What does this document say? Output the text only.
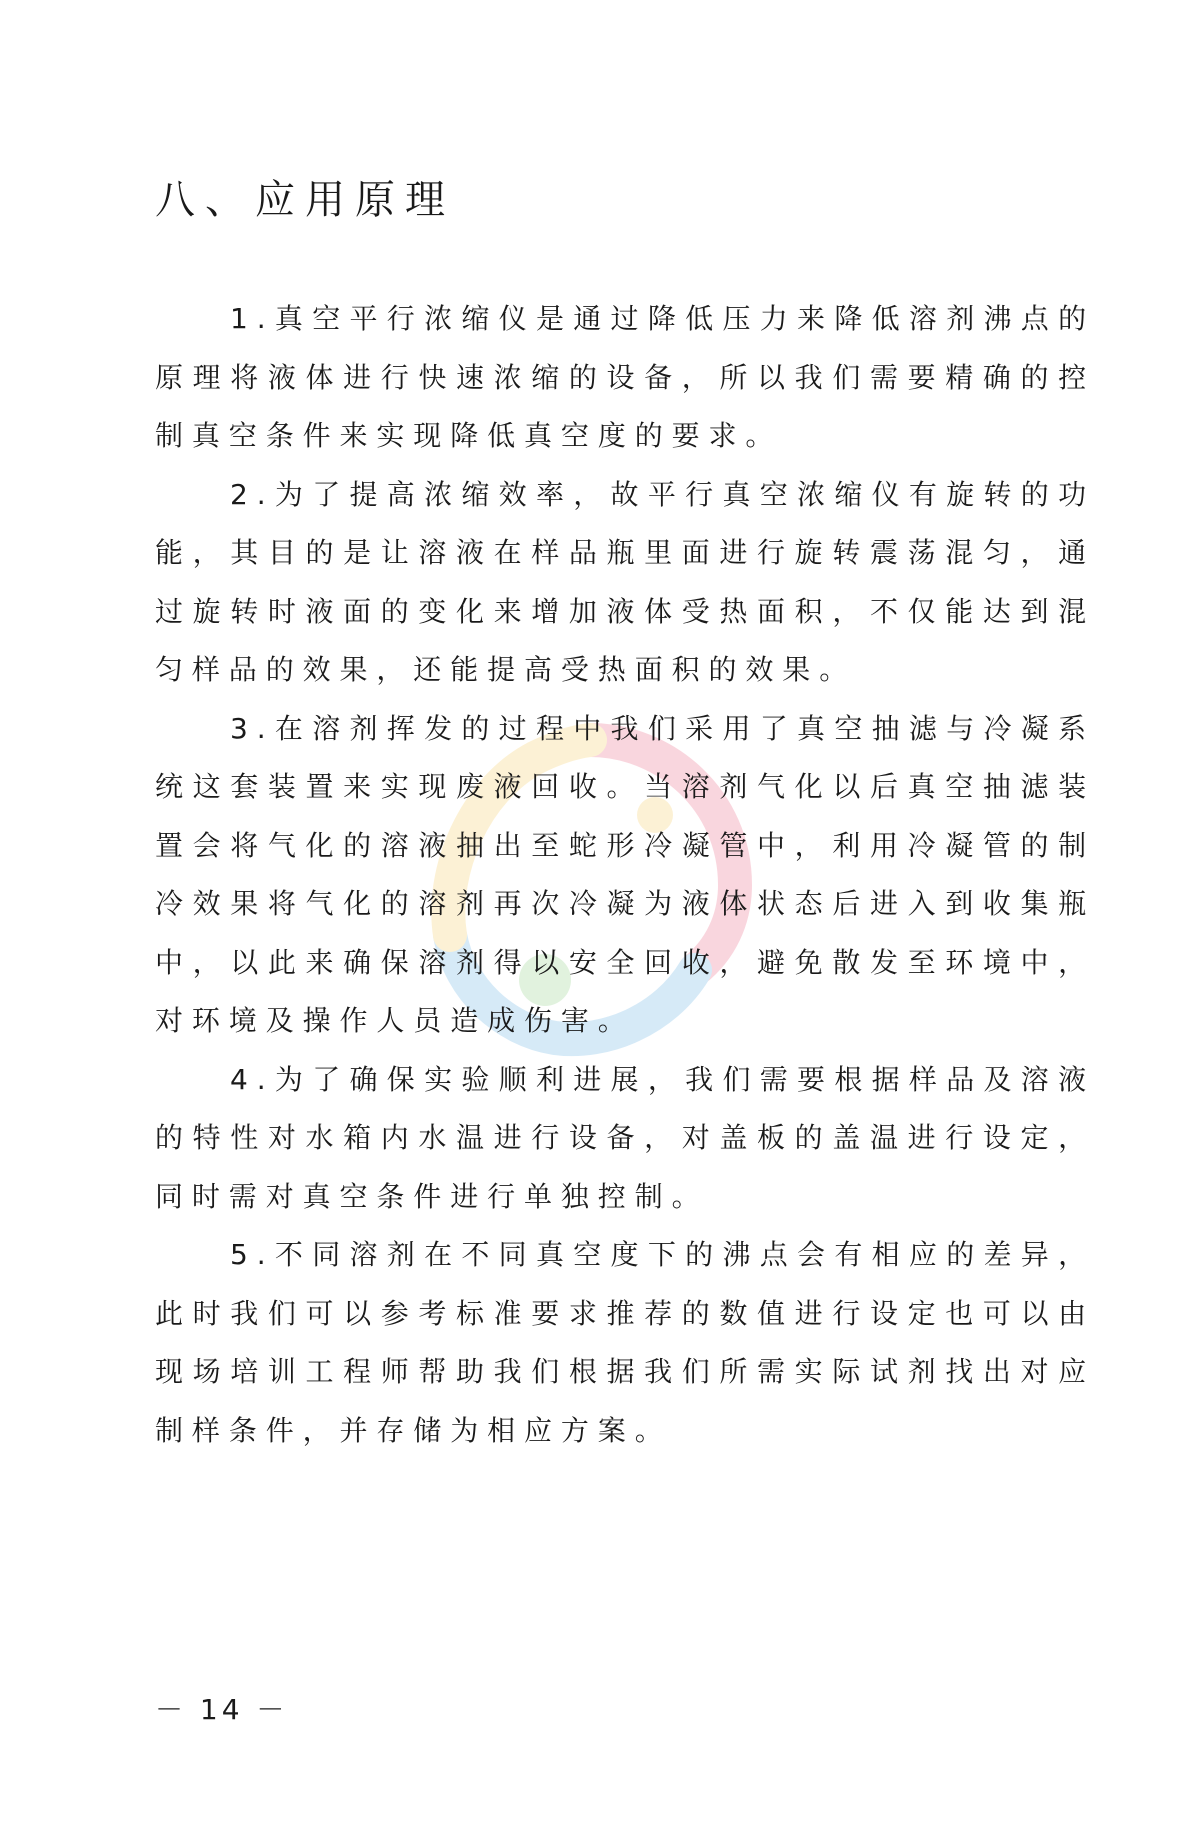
八、应用原理

1.真空平行浓缩仪是通过降低压力来降低溶剂沸点的原理将液体进行快速浓缩的设备，所以我们需要精确的控制真空条件来实现降低真空度的要求。

2.为了提高浓缩效率，故平行真空浓缩仪有旋转的功能，其目的是让溶液在样品瓶里面进行旋转震荡混匀，通过旋转时液面的变化来增加液体受热面积，不仅能达到混匀样品的效果，还能提高受热面积的效果。

3.在溶剂挥发的过程中我们采用了真空抽滤与冷凝系统这套装置来实现废液回收。当溶剂气化以后真空抽滤装置会将气化的溶液抽出至蛇形冷凝管中，利用冷凝管的制冷效果将气化的溶剂再次冷凝为液体状态后进入到收集瓶中，以此来确保溶剂得以安全回收，避免散发至环境中，对环境及操作人员造成伤害。

4.为了确保实验顺利进展，我们需要根据样品及溶液的特性对水箱内水温进行设备，对盖板的盖温进行设定，同时需对真空条件进行单独控制。

5.不同溶剂在不同真空度下的沸点会有相应的差异，此时我们可以参考标准要求推荐的数值进行设定也可以由现场培训工程师帮助我们根据我们所需实际试剂找出对应制样条件，并存储为相应方案。

－ 14 －
